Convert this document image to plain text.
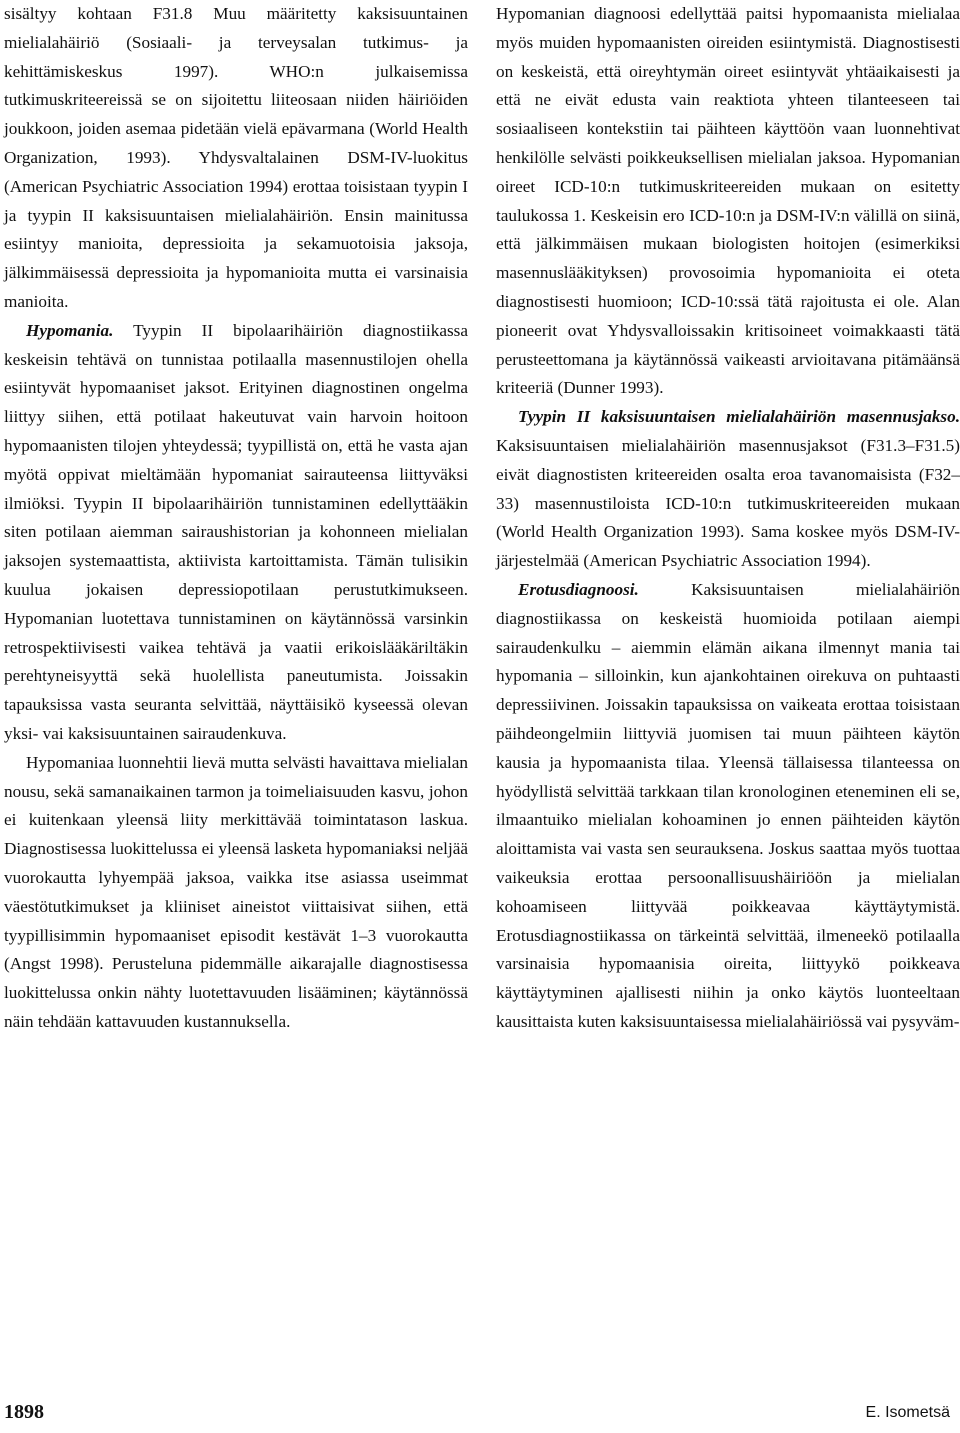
sisältyy kohtaan F31.8 Muu määritetty kaksisuuntainen mielialahäiriö (Sosiaali- ja terveysalan tutkimus- ja kehittämiskeskus 1997). WHO:n julkaisemissa tutkimuskriteereissä se on sijoitettu liiteosaan niiden häiriöiden joukkoon, joiden asemaa pidetään vielä epävarmana (World Health Organization, 1993). Yhdysvaltalainen DSM-IV-luokitus (American Psychiatric Association 1994) erottaa toisistaan tyypin I ja tyypin II kaksisuuntaisen mielialahäiriön. Ensin mainitussa esiintyy manioita, depressioita ja sekamuotoisia jaksoja, jälkimmäisessä depressioita ja hypomanioita mutta ei varsinaisia manioita.

Hypomania. Tyypin II bipolaarihäiriön diagnostiikassa keskeisin tehtävä on tunnistaa potilaalla masennustilojen ohella esiintyvät hypomaaniset jaksot. Erityinen diagnostinen ongelma liittyy siihen, että potilaat hakeutuvat vain harvoin hoitoon hypomaanisten tilojen yhteydessä; tyypillistä on, että he vasta ajan myötä oppivat mieltämään hypomaniat sairauteensa liittyväksi ilmiöksi. Tyypin II bipolaarihäiriön tunnistaminen edellyttääkin siten potilaan aiemman sairaushistorian ja kohonneen mielialan jaksojen systemaattista, aktiivista kartoittamista. Tämän tulisikin kuulua jokaisen depressiopotilaan perustutkimukseen. Hypomanian luotettava tunnistaminen on käytännössä varsinkin retrospektiivisesti vaikea tehtävä ja vaatii erikoislääkäriltäkin perehtyneisyyttä sekä huolellista paneutumista. Joissakin tapauksissa vasta seuranta selvittää, näyttäisikö kyseessä olevan yksi- vai kaksisuuntainen sairaudenkuva.

Hypomaniaa luonnehtii lievä mutta selvästi havaittava mielialan nousu, sekä samanaikainen tarmon ja toimeliaisuuden kasvu, johon ei kuitenkaan yleensä liity merkittävää toimintatason laskua. Diagnostisessa luokittelussa ei yleensä lasketa hypomaniaksi neljää vuorokautta lyhyempää jaksoa, vaikka itse asiassa useimmat väestötutkimukset ja kliiniset aineistot viittaisivat siihen, että tyypillisimmin hypomaaniset episodit kestävät 1–3 vuorokautta (Angst 1998). Perusteluna pidemmälle aikarajalle diagnostisessa luokittelussa onkin nähty luotettavuuden lisääminen; käytännössä näin tehdään kattavuuden kustannuksella.

Hypomanian diagnoosi edellyttää paitsi hypomaanista mielialaa myös muiden hypomaanisten oireiden esiintymistä. Diagnostisesti on keskeistä, että oireyhtymän oireet esiintyvät yhtäaikaisesti ja että ne eivät edusta vain reaktiota yhteen tilanteeseen tai sosiaaliseen kontekstiin tai päihteen käyttöön vaan luonnehtivat henkilölle selvästi poikkeuksellisen mielialan jaksoa. Hypomanian oireet ICD-10:n tutkimuskriteereiden mukaan on esitetty taulukossa 1. Keskeisin ero ICD-10:n ja DSM-IV:n välillä on siinä, että jälkimmäisen mukaan biologisten hoitojen (esimerkiksi masennuslääkityksen) provosoimia hypomanioita ei oteta diagnostisesti huomioon; ICD-10:ssä tätä rajoitusta ei ole. Alan pioneerit ovat Yhdysvalloissakin kritisoineet voimakkaasti tätä perusteettomana ja käytännössä vaikeasti arvioitavana pitämäänsä kriteeriä (Dunner 1993).

Tyypin II kaksisuuntaisen mielialahäiriön masennusjakso. Kaksisuuntaisen mielialahäiriön masennusjaksot (F31.3–F31.5) eivät diagnostisten kriteereiden osalta eroa tavanomaisista (F32–33) masennustiloista ICD-10:n tutkimuskriteereiden mukaan (World Health Organization 1993). Sama koskee myös DSM-IV-järjestelmää (American Psychiatric Association 1994).

Erotusdiagnoosi. Kaksisuuntaisen mielialahäiriön diagnostiikassa on keskeistä huomioida potilaan aiempi sairaudenkulku – aiemmin elämän aikana ilmennyt mania tai hypomania – silloinkin, kun ajankohtainen oirekuva on puhtaasti depressiivinen. Joissakin tapauksissa on vaikeata erottaa toisistaan päihdeongelmiin liittyviä juomisen tai muun päihteen käytön kausia ja hypomaanista tilaa. Yleensä tällaisessa tilanteessa on hyödyllistä selvittää tarkkaan tilan kronologinen eteneminen eli se, ilmaantuiko mielialan kohoaminen jo ennen päihteiden käytön aloittamista vai vasta sen seurauksena. Joskus saattaa myös tuottaa vaikeuksia erottaa persoonallisuushäiriöön ja mielialan kohoamiseen liittyvää poikkeavaa käyttäytymistä. Erotusdiagnostiikassa on tärkeintä selvittää, ilmeneekö potilaalla varsinaisia hypomaanisia oireita, liittyykö poikkeava käyttäytyminen ajallisesti niihin ja onko käytös luonteeltaan kausittaista kuten kaksisuuntaisessa mielialahäiriössä vai pysyväm-

1898	E. Isometsä
